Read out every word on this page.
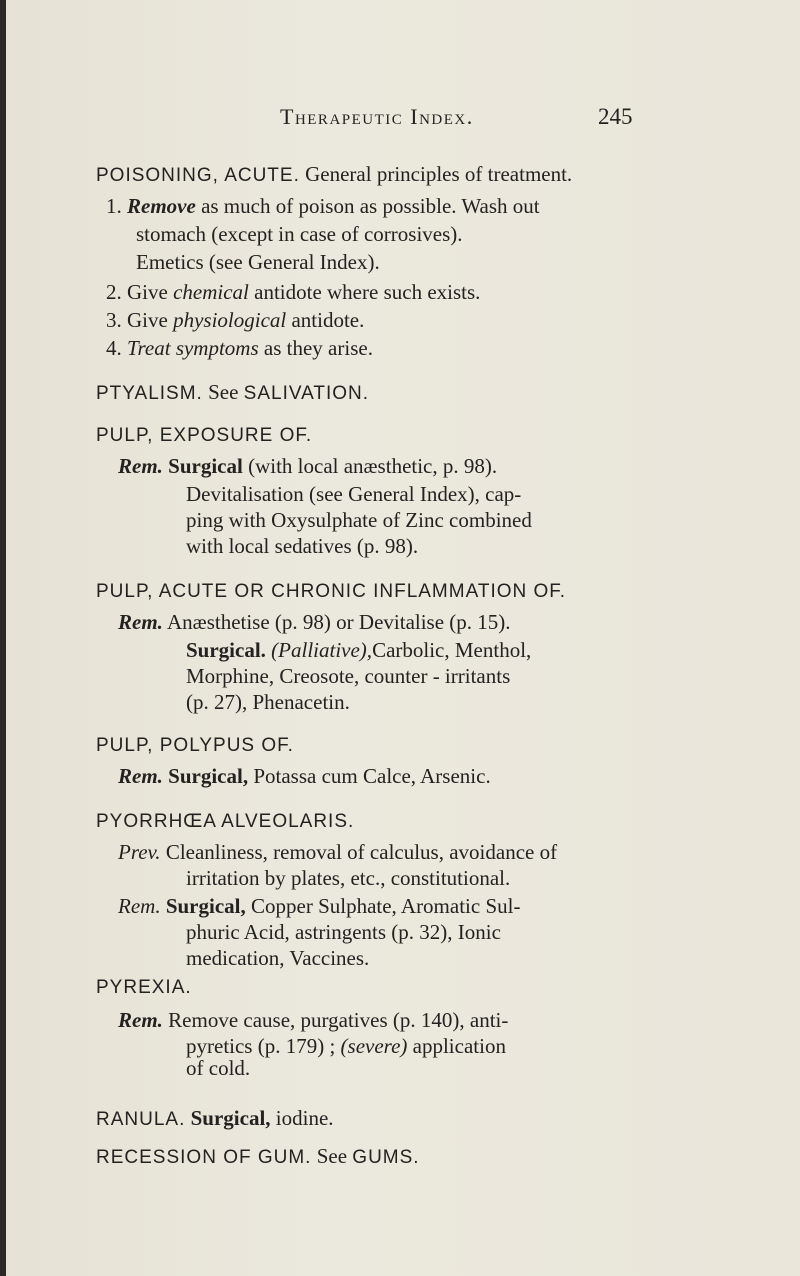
Therapeutic Index.	245
POISONING, ACUTE. General principles of treatment.
1. Remove as much of poison as possible. Wash out
stomach (except in case of corrosives).
Emetics (see General Index).
2. Give chemical antidote where such exists.
3. Give physiological antidote.
4. Treat symptoms as they arise.
PTYALISM. See SALIVATION.
PULP, EXPOSURE OF.
Rem. Surgical (with local anæsthetic, p. 98).
Devitalisation (see General Index), cap-
ping with Oxysulphate of Zinc combined
with local sedatives (p. 98).
PULP, ACUTE OR CHRONIC INFLAMMATION OF.
Rem. Anæsthetise (p. 98) or Devitalise (p. 15).
Surgical. (Palliative),Carbolic, Menthol,
Morphine, Creosote, counter - irritants
(p. 27), Phenacetin.
PULP, POLYPUS OF.
Rem. Surgical, Potassa cum Calce, Arsenic.
PYORRHŒA ALVEOLARIS.
Prev. Cleanliness, removal of calculus, avoidance of
irritation by plates, etc., constitutional.
Rem. Surgical, Copper Sulphate, Aromatic Sul-
phuric Acid, astringents (p. 32), Ionic
medication, Vaccines.
PYREXIA.
Rem. Remove cause, purgatives (p. 140), anti-
pyretics (p. 179) ; (severe) application
of cold.
RANULA. Surgical, iodine.
RECESSION OF GUM. See GUMS.
